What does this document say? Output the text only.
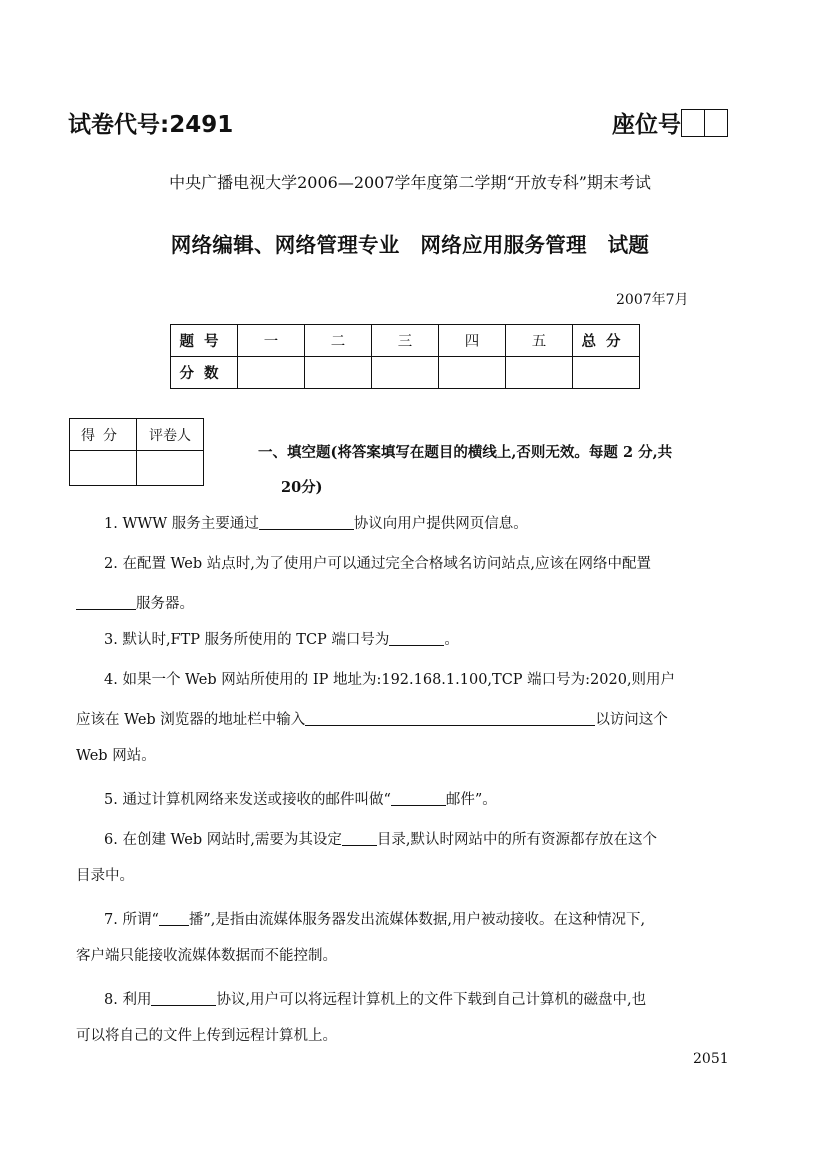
试卷代号:2491	座位号
中央广播电视大学2006—2007学年度第二学期“开放专科”期末考试
网络编辑、网络管理专业　网络应用服务管理　试题
2007年7月
题号	一	二	三	四	五	总分
分数						
得分	评卷人

一、填空题(将答案填写在题目的横线上,否则无效。每题 2 分,共
20分)
1. WWW 服务主要通过	协议向用户提供网页信息。
2. 在配置 Web 站点时,为了使用户可以通过完全合格域名访问站点,应该在网络中配置
服务器。
3. 默认时,FTP 服务所使用的 TCP 端口号为	。
4. 如果一个 Web 网站所使用的 IP 地址为:192.168.1.100,TCP 端口号为:2020,则用户
应该在 Web 浏览器的地址栏中输入	以访问这个
Web 网站。
5. 通过计算机网络来发送或接收的邮件叫做“	邮件”。
6. 在创建 Web 网站时,需要为其设定 目录,默认时网站中的所有资源都存放在这个
目录中。
7. 所谓“ 播”,是指由流媒体服务器发出流媒体数据,用户被动接收。在这种情况下,
客户端只能接收流媒体数据而不能控制。
8. 利用	协议,用户可以将远程计算机上的文件下载到自己计算机的磁盘中,也
可以将自己的文件上传到远程计算机上。
2051
